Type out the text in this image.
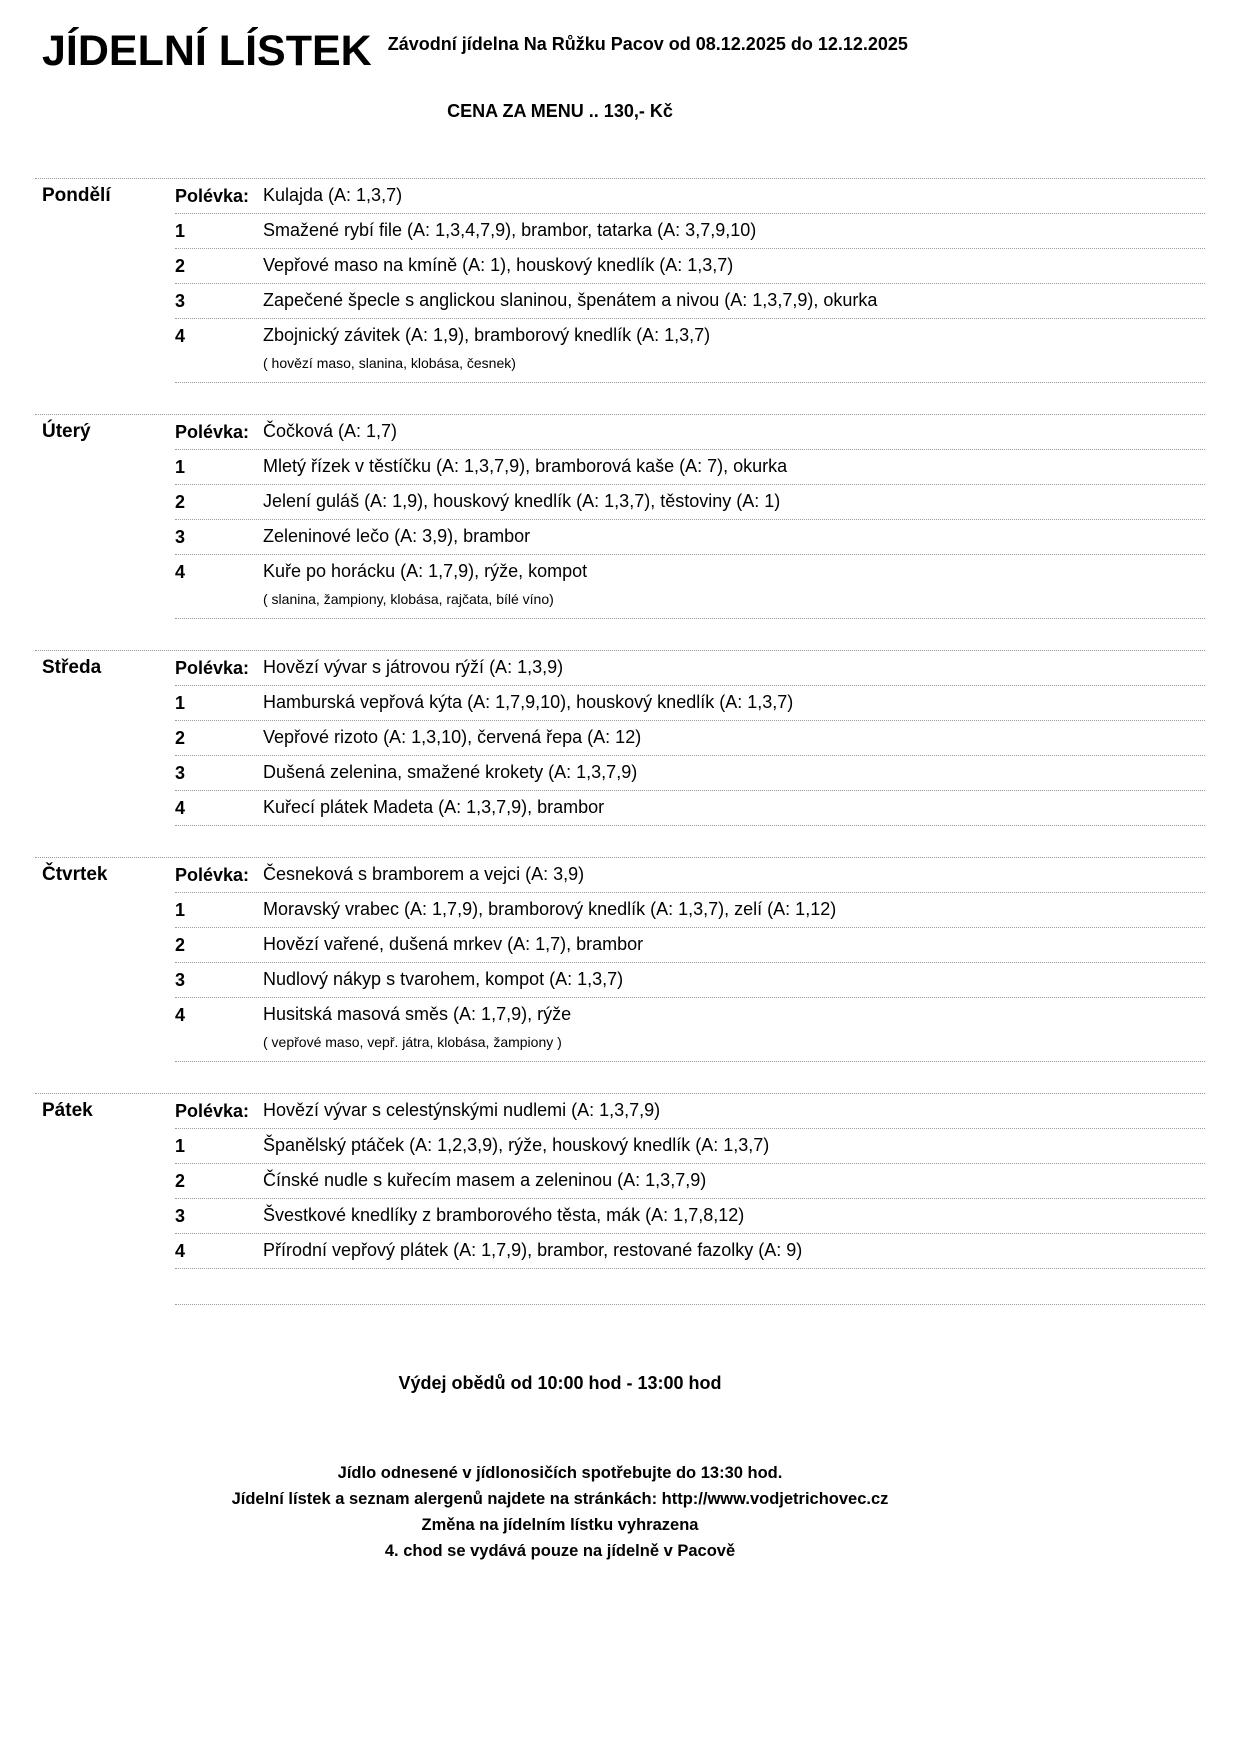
JÍDELNÍ LÍSTEK Závodní jídelna Na Růžku Pacov od 08.12.2025 do 12.12.2025
CENA ZA MENU .. 130,- Kč
Pondělí	Polévka: Kulajda (A: 1,3,7)
1	Smažené rybí file (A: 1,3,4,7,9), brambor, tatarka (A: 3,7,9,10)
2	Vepřové maso na kmíně (A: 1), houskový knedlík (A: 1,3,7)
3	Zapečené špecle s anglickou slaninou, špenátem a nivou (A: 1,3,7,9), okurka
4	Zbojnický závitek (A: 1,9), bramborový knedlík (A: 1,3,7)
( hovězí maso, slanina, klobása, česnek)
Úterý	Polévka: Čočková (A: 1,7)
1	Mletý řízek v těstíčku (A: 1,3,7,9), bramborová kaše (A: 7), okurka
2	Jelení guláš (A: 1,9), houskový knedlík (A: 1,3,7), těstoviny (A: 1)
3	Zeleninové lečo (A: 3,9), brambor
4	Kuře po horácku (A: 1,7,9), rýže, kompot
( slanina, žampiony, klobása, rajčata, bílé víno)
Středa	Polévka: Hovězí vývar s játrovou rýží (A: 1,3,9)
1	Hamburská vepřová kýta (A: 1,7,9,10), houskový knedlík (A: 1,3,7)
2	Vepřové rizoto (A: 1,3,10), červená řepa (A: 12)
3	Dušená zelenina, smažené krokety (A: 1,3,7,9)
4	Kuřecí plátek Madeta (A: 1,3,7,9), brambor
Čtvrtek	Polévka: Česneková s bramborem a vejci (A: 3,9)
1	Moravský vrabec (A: 1,7,9), bramborový knedlík (A: 1,3,7), zelí (A: 1,12)
2	Hovězí vařené, dušená mrkev (A: 1,7), brambor
3	Nudlový nákyp s tvarohem, kompot (A: 1,3,7)
4	Husitská masová směs (A: 1,7,9), rýže
( vepřové maso, vepř. játra, klobása, žampiony )
Pátek	Polévka: Hovězí vývar s celestýnskými nudlemi (A: 1,3,7,9)
1	Španělský ptáček (A: 1,2,3,9), rýže, houskový knedlík (A: 1,3,7)
2	Čínské nudle s kuřecím masem a zeleninou (A: 1,3,7,9)
3	Švestkové knedlíky z bramborového těsta, mák (A: 1,7,8,12)
4	Přírodní vepřový plátek (A: 1,7,9), brambor, restované fazolky (A: 9)
Výdej obědů od 10:00 hod - 13:00 hod
Jídlo odnesené v jídlonosičích spotřebujte do 13:30 hod.
Jídelní lístek a seznam alergenů najdete na stránkách: http://www.vodjetrichovec.cz
Změna na jídelním lístku vyhrazena
4. chod se vydává pouze na jídelně v Pacově
